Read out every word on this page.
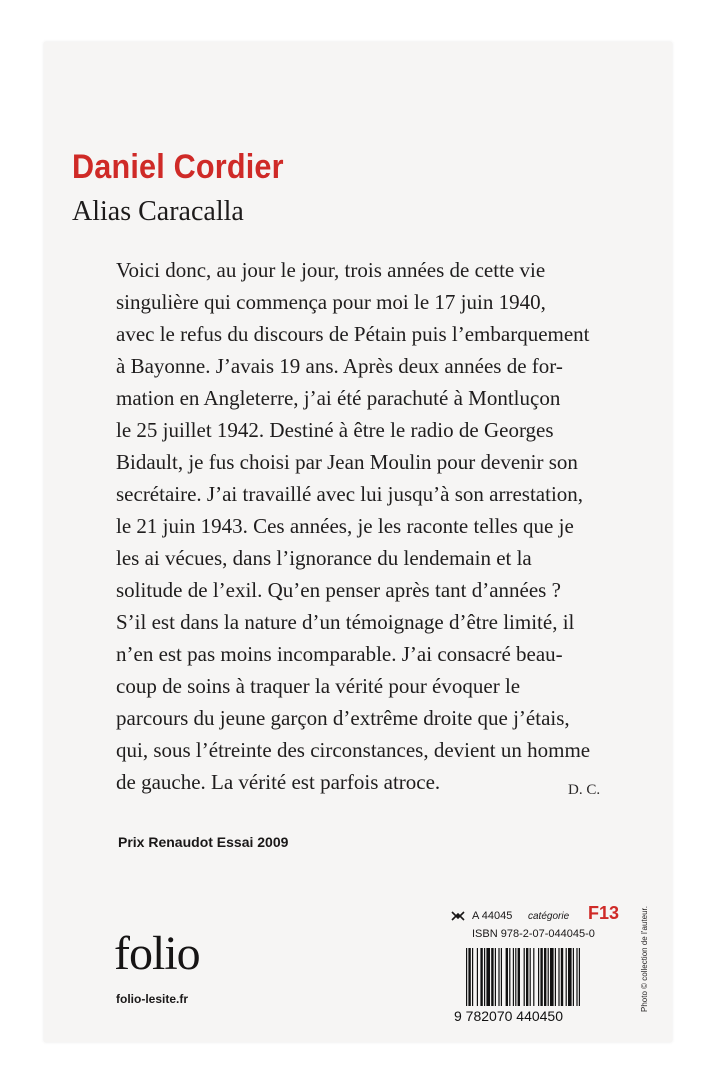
Daniel Cordier
Alias Caracalla
Voici donc, au jour le jour, trois années de cette vie
singulière qui commença pour moi le 17 juin 1940,
avec le refus du discours de Pétain puis l’embarquement
à Bayonne. J’avais 19 ans. Après deux années de for-
mation en Angleterre, j’ai été parachuté à Montluçon
le 25 juillet 1942. Destiné à être le radio de Georges
Bidault, je fus choisi par Jean Moulin pour devenir son
secrétaire. J’ai travaillé avec lui jusqu’à son arrestation,
le 21 juin 1943. Ces années, je les raconte telles que je
les ai vécues, dans l’ignorance du lendemain et la
solitude de l’exil. Qu’en penser après tant d’années ?
S’il est dans la nature d’un témoignage d’être limité, il
n’en est pas moins incomparable. J’ai consacré beau-
coup de soins à traquer la vérité pour évoquer le
parcours du jeune garçon d’extrême droite que j’étais,
qui, sous l’étreinte des circonstances, devient un homme
de gauche. La vérité est parfois atroce.	D. C.
Prix Renaudot Essai 2009
folio
folio-lesite.fr
A 44045 catégorie F13
ISBN 978-2-07-044045-0
9 782070 440450
Photo © collection de l’auteur.
